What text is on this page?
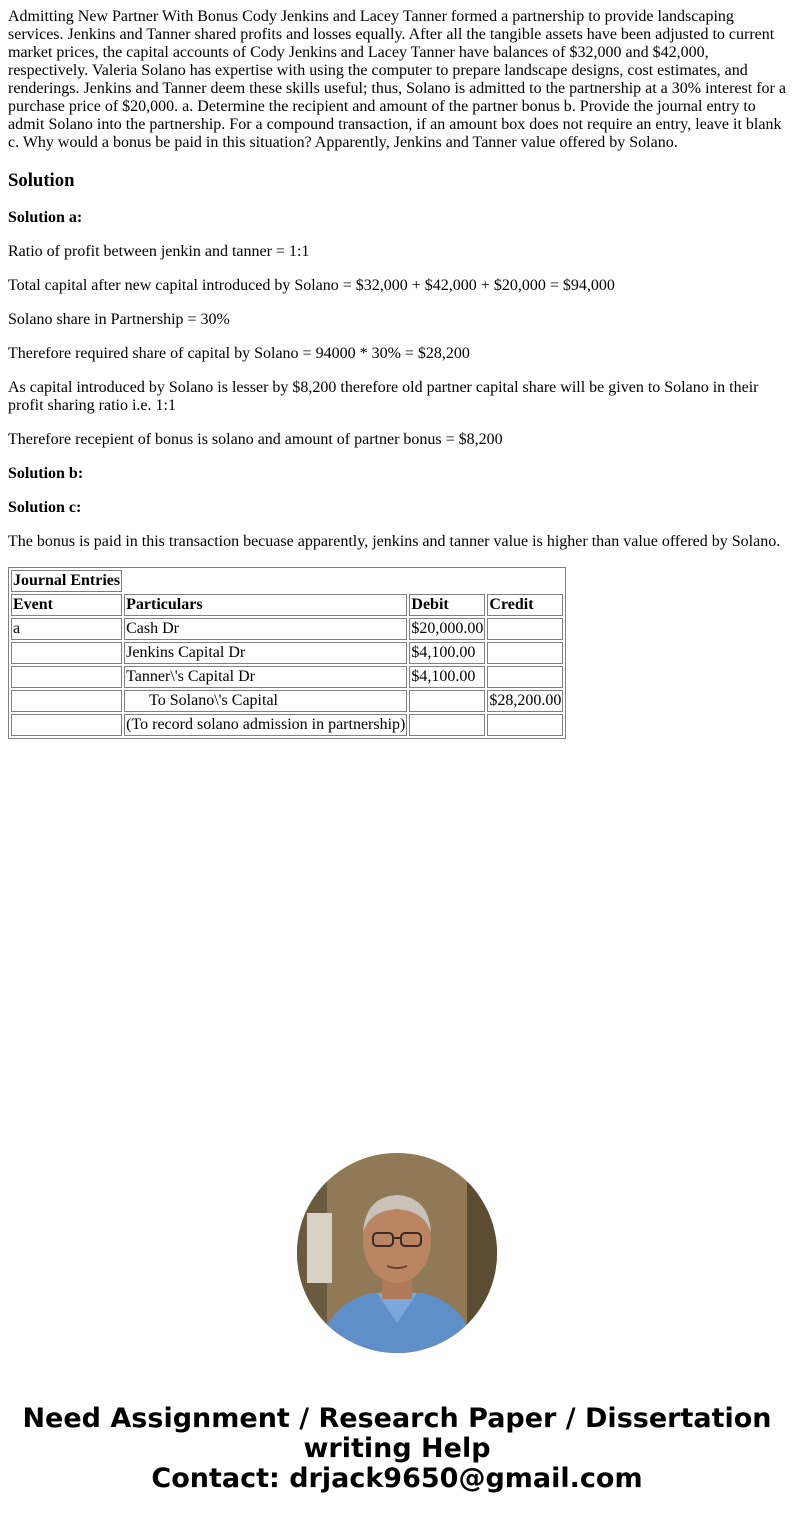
Admitting New Partner With Bonus Cody Jenkins and Lacey Tanner formed a partnership to provide landscaping services. Jenkins and Tanner shared profits and losses equally. After all the tangible assets have been adjusted to current market prices, the capital accounts of Cody Jenkins and Lacey Tanner have balances of $32,000 and $42,000, respectively. Valeria Solano has expertise with using the computer to prepare landscape designs, cost estimates, and renderings. Jenkins and Tanner deem these skills useful; thus, Solano is admitted to the partnership at a 30% interest for a purchase price of $20,000. a. Determine the recipient and amount of the partner bonus b. Provide the journal entry to admit Solano into the partnership. For a compound transaction, if an amount box does not require an entry, leave it blank c. Why would a bonus be paid in this situation? Apparently, Jenkins and Tanner value offered by Solano.

Solution

Solution a:

Ratio of profit between jenkin and tanner = 1:1

Total capital after new capital introduced by Solano = $32,000 + $42,000 + $20,000 = $94,000

Solano share in Partnership = 30%

Therefore required share of capital by Solano = 94000 * 30% = $28,200

As capital introduced by Solano is lesser by $8,200 therefore old partner capital share will be given to Solano in their profit sharing ratio i.e. 1:1

Therefore recepient of bonus is solano and amount of partner bonus = $8,200

Solution b:

Solution c:

The bonus is paid in this transaction becuase apparently, jenkins and tanner value is higher than value offered by Solano.

Journal Entries			
Event	Particulars	Debit	Credit
a	Cash Dr	$20,000.00	
	Jenkins Capital Dr	$4,100.00	
	Tanner\'s Capital Dr	$4,100.00	
	To Solano\'s Capital		$28,200.00
	(To record solano admission in partnership)		
Need Assignment / Research Paper / Dissertation
writing Help
Contact: drjack9650@gmail.com
